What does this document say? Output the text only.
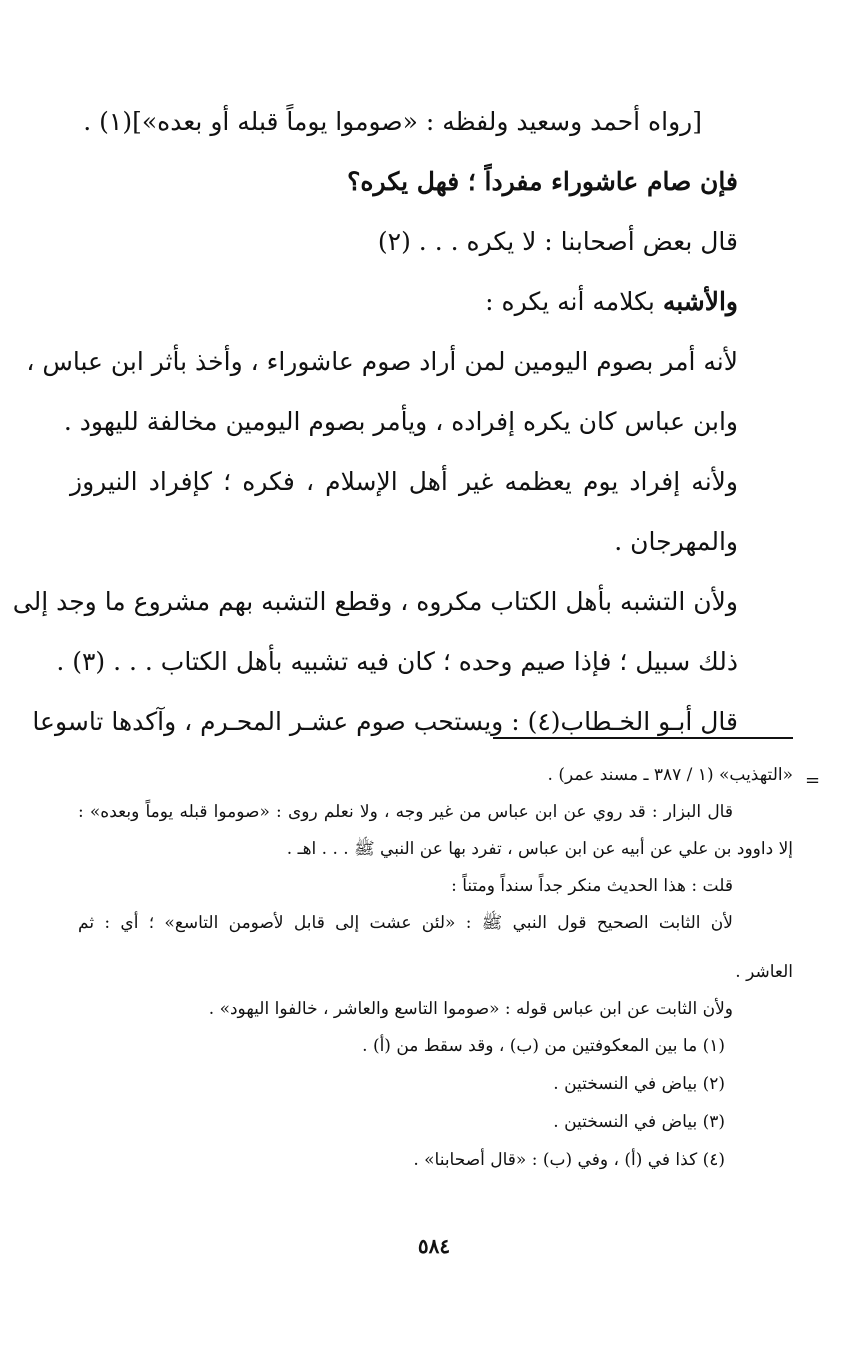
[رواه أحمد وسعيد ولفظه : «صوموا يوماً قبله أو بعده»](١) .
فإن صام عاشوراء مفرداً ؛ فهل يكره؟
قال بعض أصحابنا : لا يكره . . . (٢)
والأشبه بكلامه أنه يكره :
لأنه أمر بصوم اليومين لمن أراد صوم عاشوراء ، وأخذ بأثر ابن عباس ،
وابن عباس كان يكره إفراده ، ويأمر بصوم اليومين مخالفة لليهود .
ولأنه إفراد يوم يعظمه غير أهل الإسلام ، فكره ؛ كإفراد النيروز
والمهرجان .
ولأن التشبه بأهل الكتاب مكروه ، وقطع التشبه بهم مشروع ما وجد إلى
ذلك سبيل ؛ فإذا صيم وحده ؛ كان فيه تشبيه بأهل الكتاب . . . (٣) .
قال أبـو الخـطاب(٤) : ويستحب صوم عشـر المحـرم ، وآكدها تاسوعا
=
«التهذيب» (١ / ٣٨٧ ـ مسند عمر) .
قال البزار : قد روي عن ابن عباس من غير وجه ، ولا نعلم روى : «صوموا قبله يوماً وبعده» :
إلا داوود بن علي عن أبيه عن ابن عباس ، تفرد بها عن النبي ﷺ . . . اهـ .
قلت : هذا الحديث منكر جداً سنداً ومتناً :
لأن الثابت الصحيح قول النبي ﷺ : «لئن عشت إلى قابل لأصومن التاسع» ؛ أي : ثم
العاشر .
ولأن الثابت عن ابن عباس قوله : «صوموا التاسع والعاشر ، خالفوا اليهود» .
(١) ما بين المعكوفتين من (ب) ، وقد سقط من (أ) .
(٢) بياض في النسختين .
(٣) بياض في النسختين .
(٤) كذا في (أ) ، وفي (ب) : «قال أصحابنا» .
٥٨٤
